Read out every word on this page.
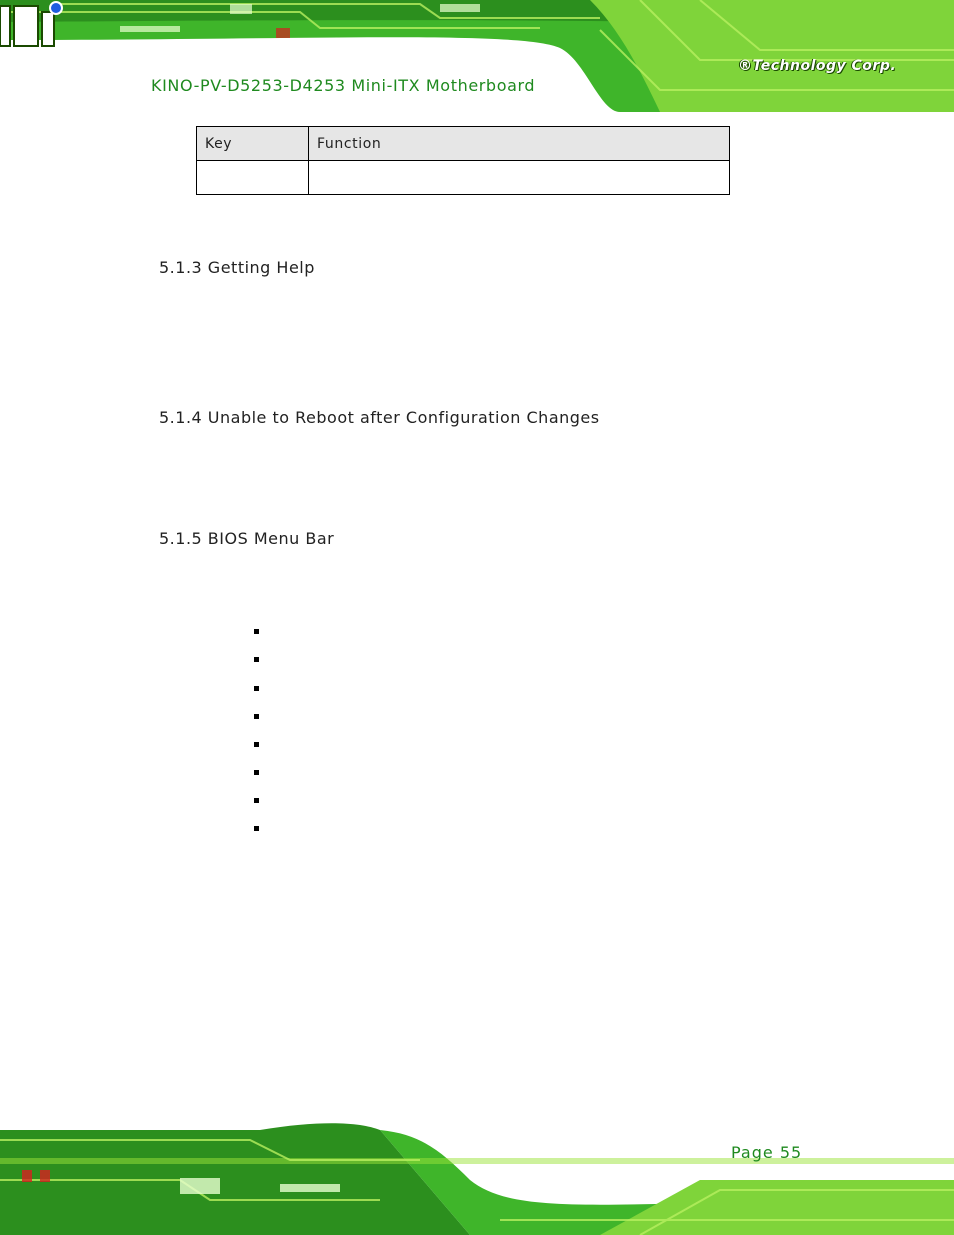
®Technology Corp.
KINO-PV-D5253-D4253 Mini-ITX Motherboard
Key	Function

5.1.3 Getting Help
5.1.4 Unable to Reboot after Configuration Changes
5.1.5 BIOS Menu Bar
Page 55
